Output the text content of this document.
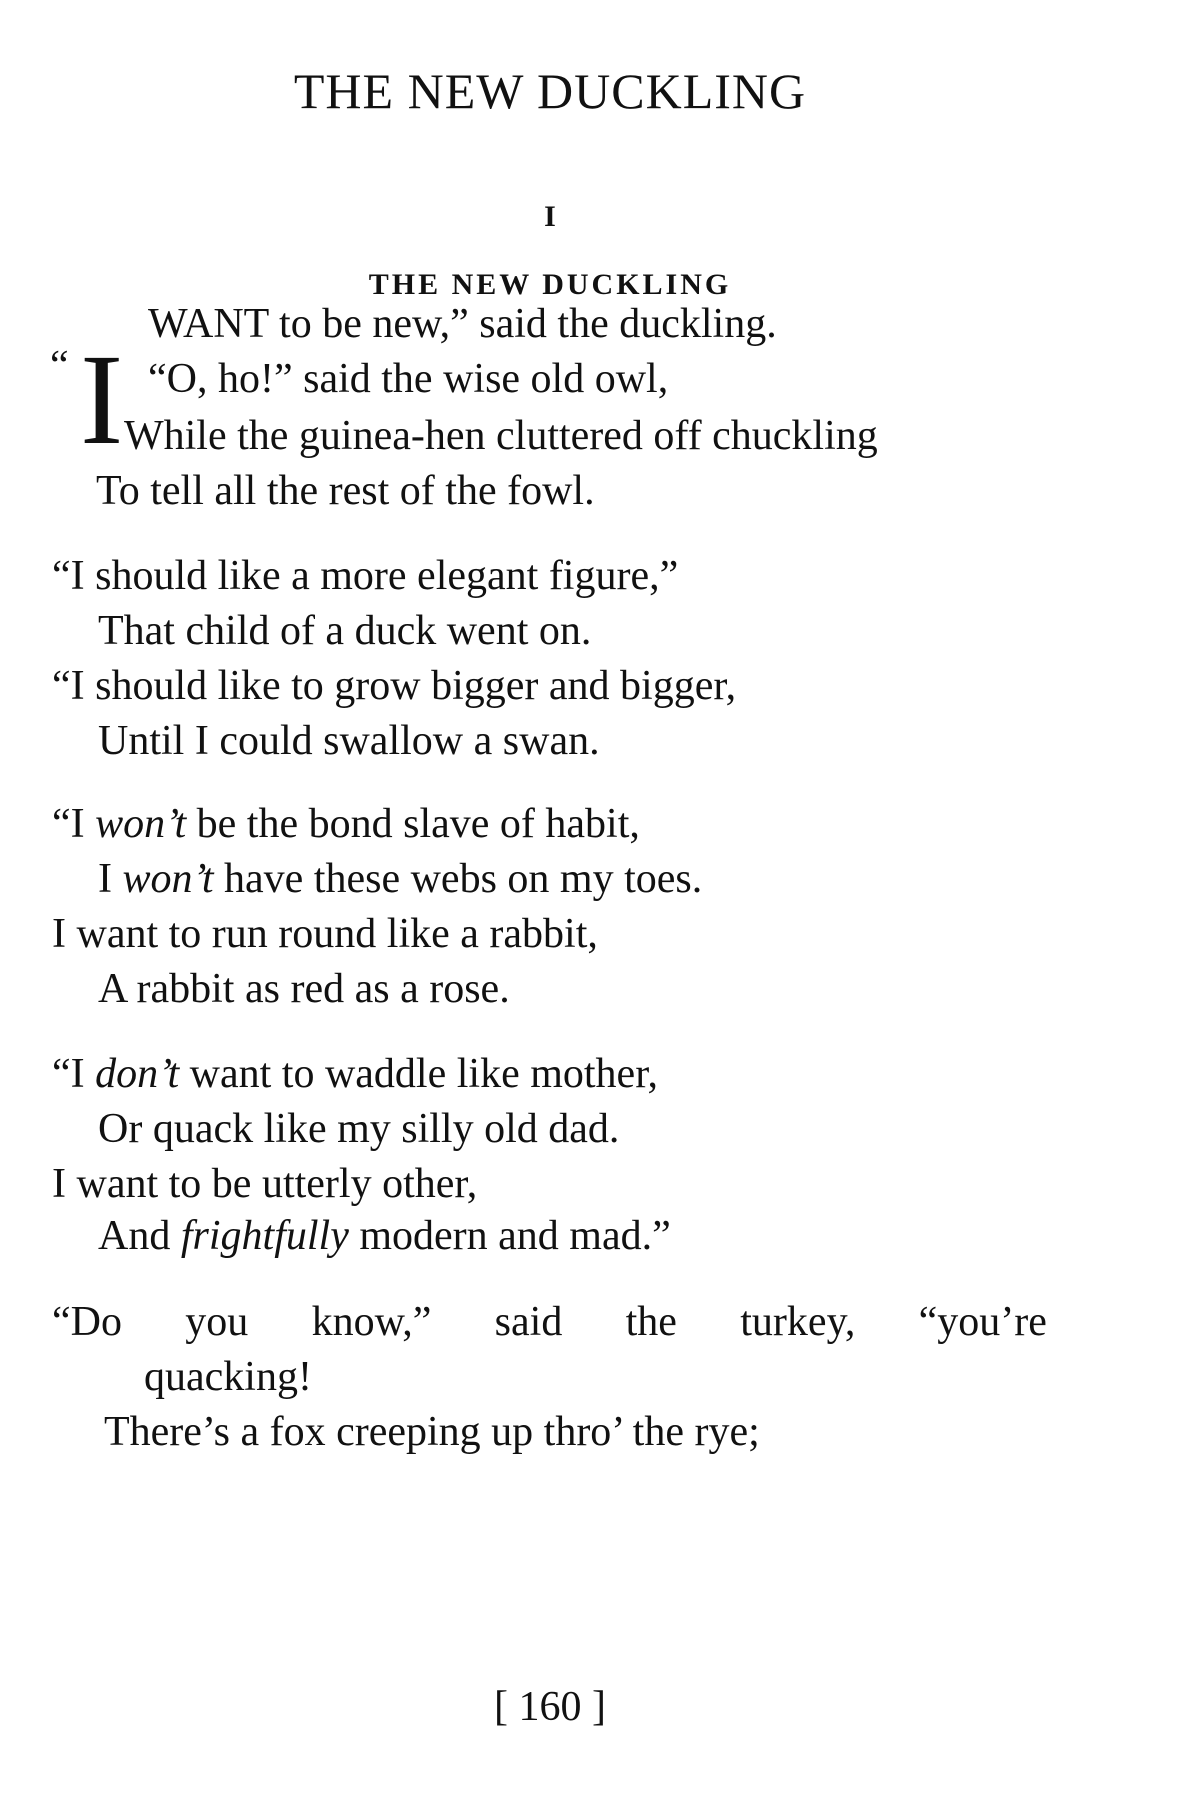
THE NEW DUCKLING
I
THE NEW DUCKLING
“ I
WANT to be new,” said the duckling.
“O, ho!” said the wise old owl,
While the guinea-hen cluttered off chuckling
To tell all the rest of the fowl.
“I should like a more elegant figure,”
That child of a duck went on.
“I should like to grow bigger and bigger,
Until I could swallow a swan.
“I won’t be the bond slave of habit,
I won’t have these webs on my toes.
I want to run round like a rabbit,
A rabbit as red as a rose.
“I don’t want to waddle like mother,
Or quack like my silly old dad.
I want to be utterly other,
And frightfully modern and mad.”
“Do you know,” said the turkey, “you’re
quacking!
There’s a fox creeping up thro’ the rye;
[ 160 ]
